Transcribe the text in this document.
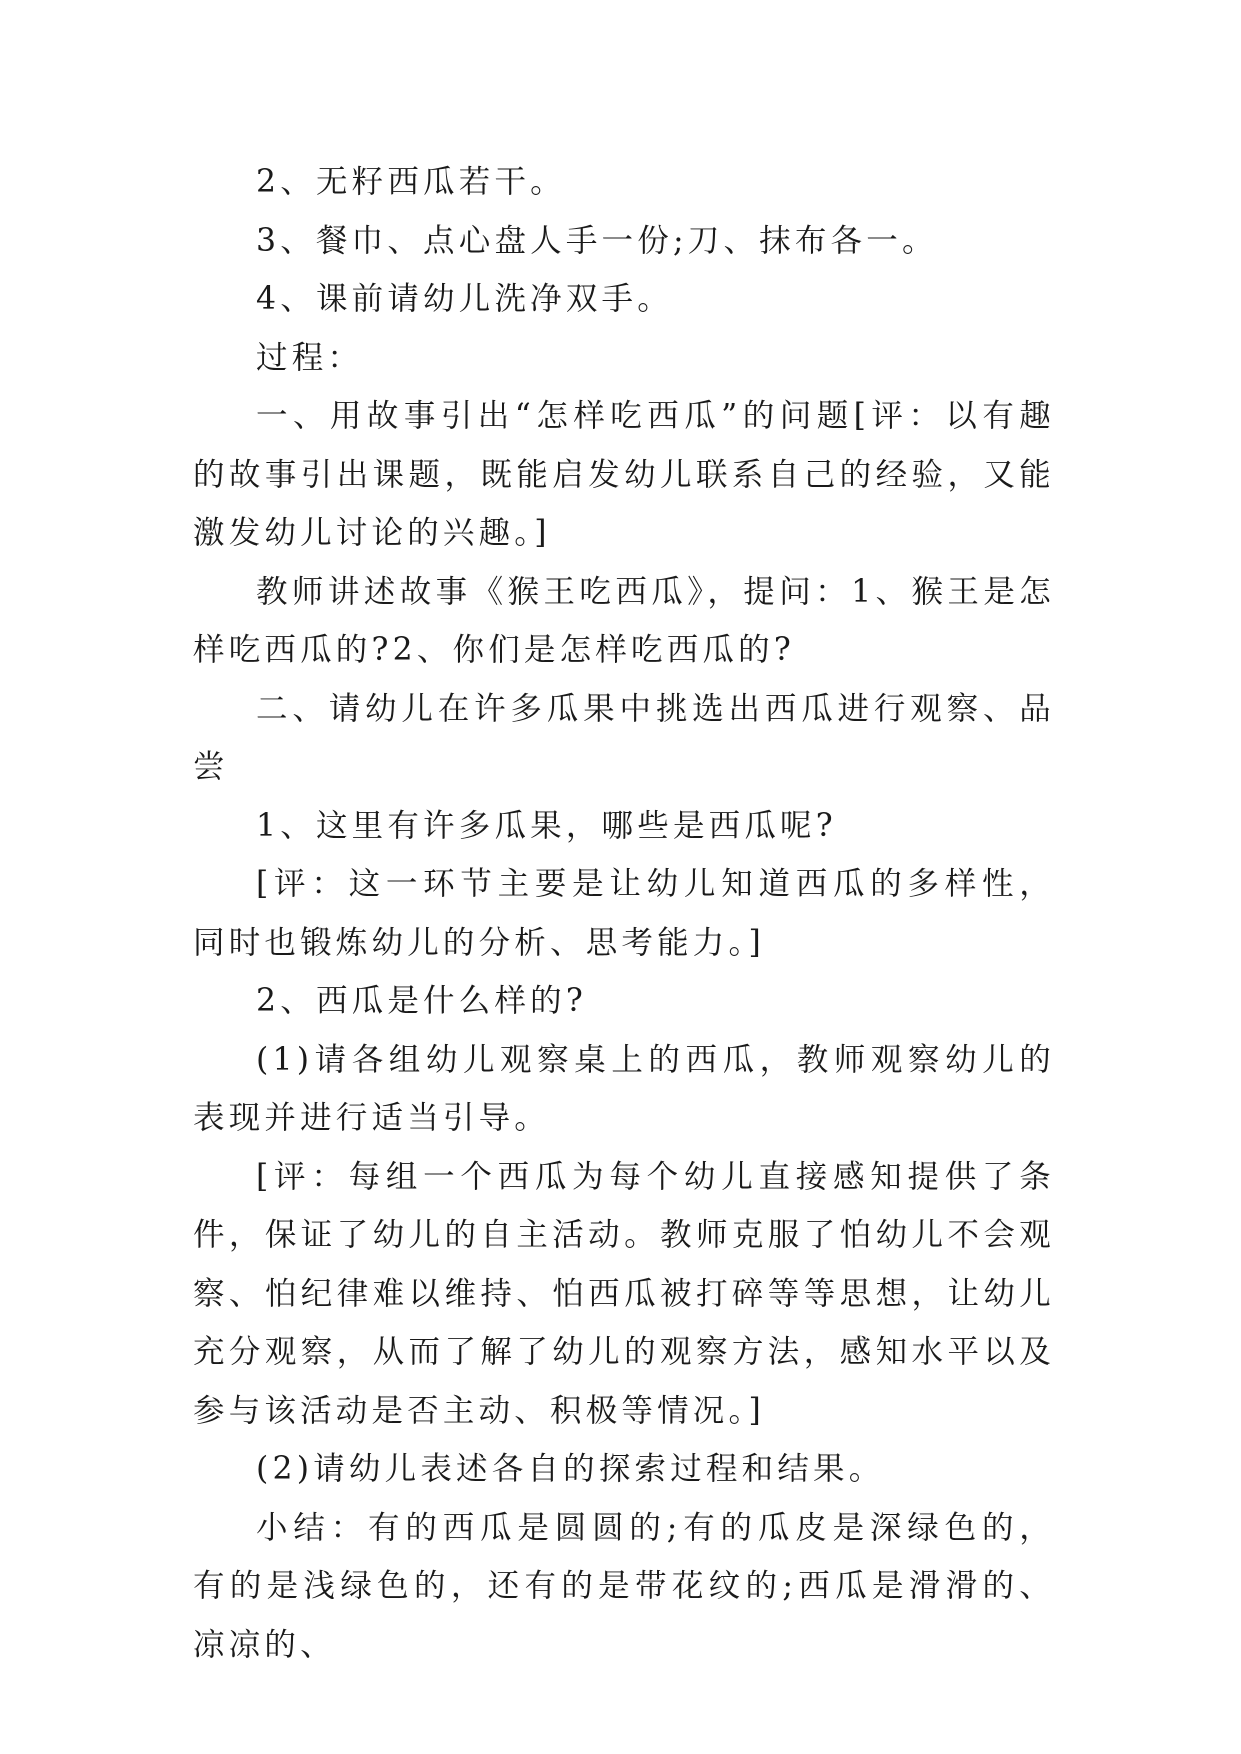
2、无籽西瓜若干。

3、餐巾、点心盘人手一份;刀、抹布各一。

4、课前请幼儿洗净双手。

过程：

一、用故事引出“怎样吃西瓜”的问题[评：以有趣的故事引出课题，既能启发幼儿联系自己的经验，又能激发幼儿讨论的兴趣。]

教师讲述故事《猴王吃西瓜》，提问：1、猴王是怎样吃西瓜的?2、你们是怎样吃西瓜的?

二、请幼儿在许多瓜果中挑选出西瓜进行观察、品尝

1、这里有许多瓜果，哪些是西瓜呢?

[评：这一环节主要是让幼儿知道西瓜的多样性，同时也锻炼幼儿的分析、思考能力。]

2、西瓜是什么样的?

(1)请各组幼儿观察桌上的西瓜，教师观察幼儿的表现并进行适当引导。

[评：每组一个西瓜为每个幼儿直接感知提供了条件，保证了幼儿的自主活动。教师克服了怕幼儿不会观察、怕纪律难以维持、怕西瓜被打碎等等思想，让幼儿充分观察，从而了解了幼儿的观察方法，感知水平以及参与该活动是否主动、积极等情况。]

(2)请幼儿表述各自的探索过程和结果。

小结：有的西瓜是圆圆的;有的瓜皮是深绿色的，有的是浅绿色的，还有的是带花纹的;西瓜是滑滑的、凉凉的、
